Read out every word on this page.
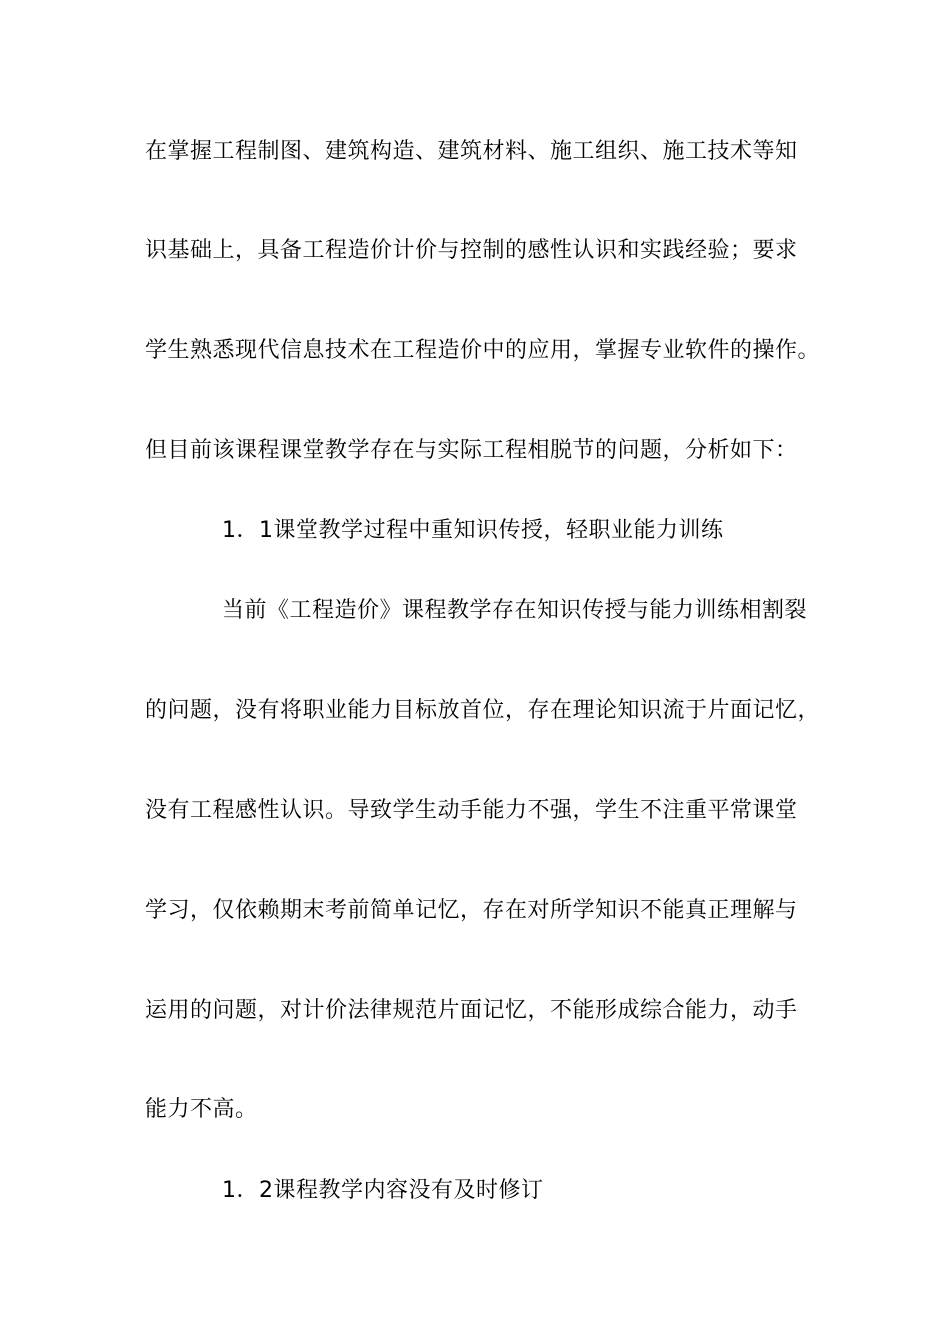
在掌握工程制图、建筑构造、建筑材料、施工组织、施工技术等知
识基础上，具备工程造价计价与控制的感性认识和实践经验；要求
学生熟悉现代信息技术在工程造价中的应用，掌握专业软件的操作。
但目前该课程课堂教学存在与实际工程相脱节的问题，分析如下：
1．1课堂教学过程中重知识传授，轻职业能力训练
当前《工程造价》课程教学存在知识传授与能力训练相割裂
的问题，没有将职业能力目标放首位，存在理论知识流于片面记忆，
没有工程感性认识。导致学生动手能力不强，学生不注重平常课堂
学习，仅依赖期末考前简单记忆，存在对所学知识不能真正理解与
运用的问题，对计价法律规范片面记忆，不能形成综合能力，动手
能力不高。
1．2课程教学内容没有及时修订
